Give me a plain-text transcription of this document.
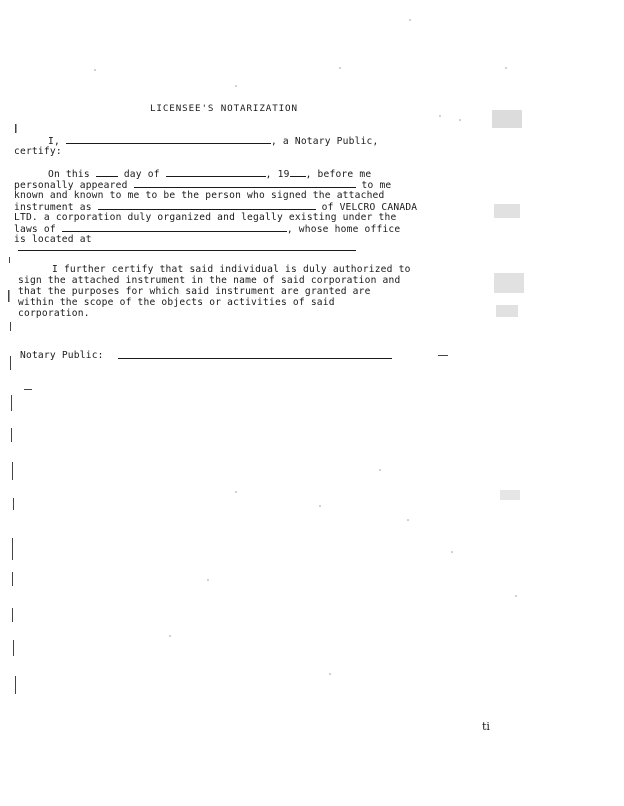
LICENSEE'S NOTARIZATION
I,	, a Notary Public,
certify:
On this	day of	, 19 , before me
personally appeared	to me
known and known to me to be the person who signed the attached
instrument as	of VELCRO CANADA
LTD. a corporation duly organized and legally existing under the
laws of	, whose home office
is located at
I further certify that said individual is duly authorized to
sign the attached instrument in the name of said corporation and
that the purposes for which said instrument are granted are
within the scope of the objects or activities of said
corporation.
Notary Public:
ti
